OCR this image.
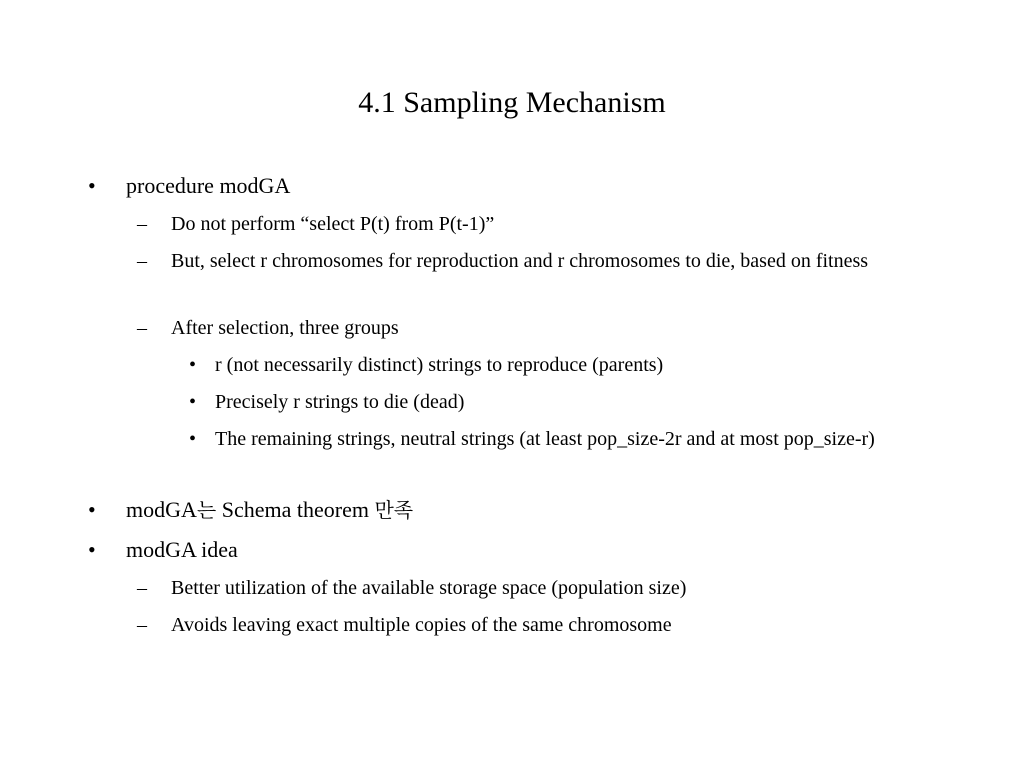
4.1 Sampling Mechanism
• procedure modGA
– Do not perform “select P(t) from P(t-1)”
– But, select r chromosomes for reproduction and r chromosomes to die, based on fitness
– After selection, three groups
• r (not necessarily distinct) strings to reproduce (parents)
• Precisely r strings to die (dead)
• The remaining strings, neutral strings (at least pop_size-2r and at most pop_size-r)
• modGA는 Schema theorem 만족
• modGA idea
– Better utilization of the available storage space (population size)
– Avoids leaving exact multiple copies of the same chromosome
